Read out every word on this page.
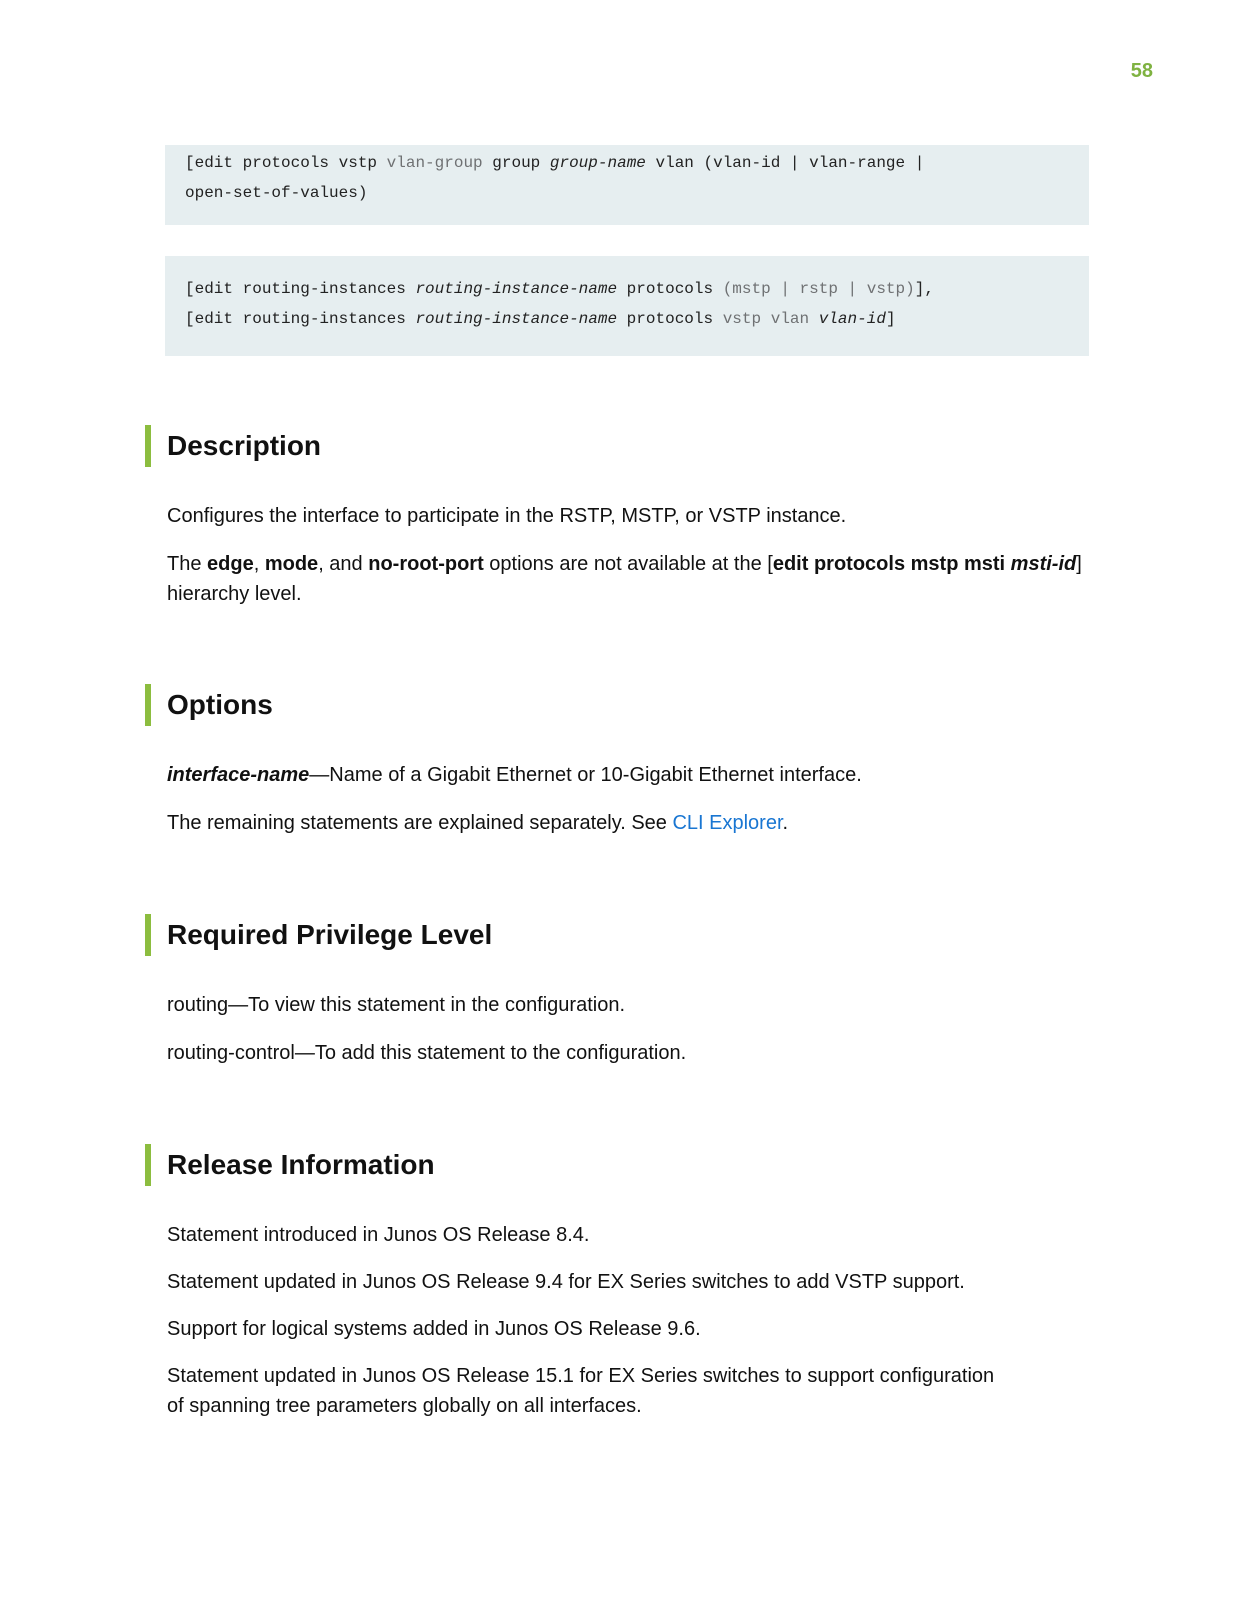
58
[edit protocols vstp vlan-group group group-name vlan (vlan-id | vlan-range |
open-set-of-values)
[edit routing-instances routing-instance-name protocols (mstp | rstp | vstp)],
[edit routing-instances routing-instance-name protocols vstp vlan vlan-id]
Description
Configures the interface to participate in the RSTP, MSTP, or VSTP instance.
The edge, mode, and no-root-port options are not available at the [edit protocols mstp msti msti-id] hierarchy level.
Options
interface-name—Name of a Gigabit Ethernet or 10-Gigabit Ethernet interface.
The remaining statements are explained separately. See CLI Explorer.
Required Privilege Level
routing—To view this statement in the configuration.
routing-control—To add this statement to the configuration.
Release Information
Statement introduced in Junos OS Release 8.4.
Statement updated in Junos OS Release 9.4 for EX Series switches to add VSTP support.
Support for logical systems added in Junos OS Release 9.6.
Statement updated in Junos OS Release 15.1 for EX Series switches to support configuration of spanning tree parameters globally on all interfaces.
